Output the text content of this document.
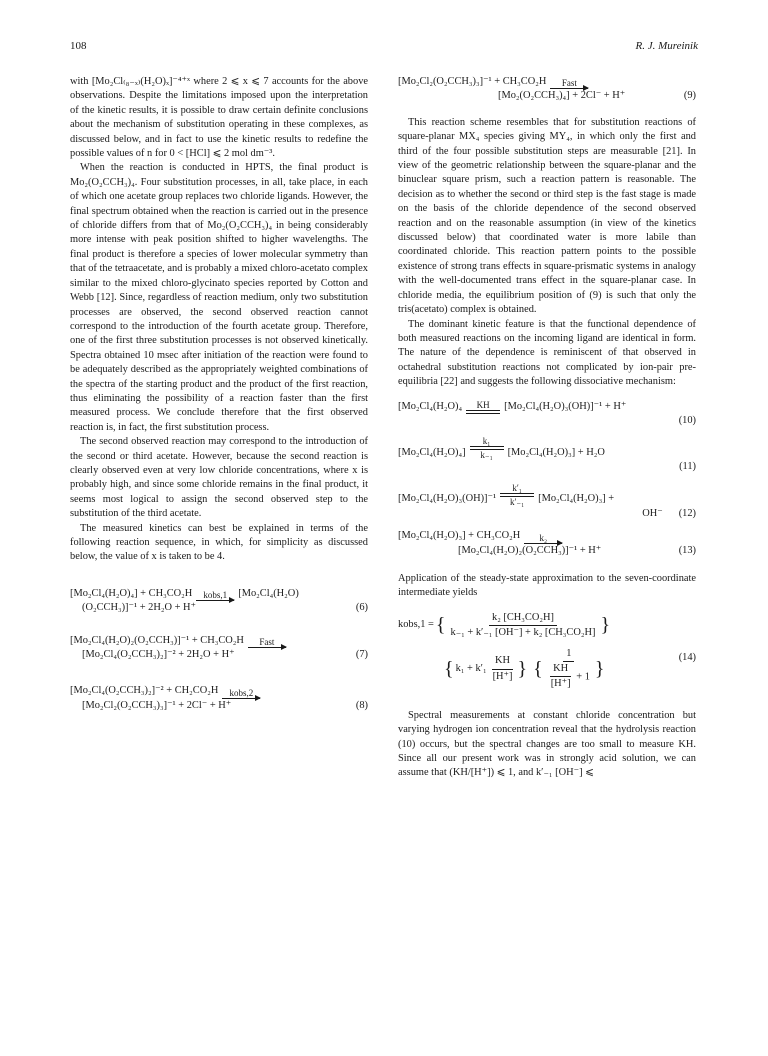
108	R. J. Mureinik

with [Mo₂Cl₍₈₋ₓ₎(H₂O)ₓ]⁻⁴⁺ˣ where 2 ⩽ x ⩽ 7 accounts for the above observations. Despite the limitations imposed upon the interpretation of the kinetic results, it is possible to draw certain definite conclusions about the mechanism of substitution operating in these complexes, as discussed below, and in fact to use the kinetic results to redefine the possible values of n for 0 < [HCl] ⩽ 2 mol dm⁻³.

When the reaction is conducted in HPTS, the final product is Mo₂(O₂CCH₃)₄. Four substitution processes, in all, take place, in each of which one acetate group replaces two chloride ligands. However, the final spectrum obtained when the reaction is carried out in the presence of chloride differs from that of Mo₂(O₂CCH₃)₄ in being considerably more intense with peak position shifted to higher wavelengths. The final product is therefore a species of lower molecular symmetry than that of the tetraacetate, and is probably a mixed chloro-acetato complex similar to the mixed chloro-glycinato species reported by Cotton and Webb [12]. Since, regardless of reaction medium, only two substitution processes are observed, the second observed reaction cannot correspond to the introduction of the fourth acetate group. Therefore, one of the first three substitution processes is not observed kinetically. Spectra obtained 10 msec after initiation of the reaction were found to be adequately described as the appropriately weighted combinations of the spectra of the starting product and the product of the first reaction, thus eliminating the possibility of a reaction faster than the first measured process. We conclude therefore that the first observed reaction is, in fact, the first substitution process.

The second observed reaction may correspond to the introduction of the second or third acetate. However, because the second reaction is clearly observed even at very low chloride concentrations, where x is probably high, and since some chloride remains in the final product, it seems most logical to assign the second observed step to the substitution of the third acetate.

The measured kinetics can best be explained in terms of the following reaction sequence, in which, for simplicity as discussed below, the value of x is taken to be 4.

[Mo₂Cl₄(H₂O)₄] + CH₃CO₂H kobs,1 [Mo₂Cl₄(H₂O)
(O₂CCH₃)]⁻¹ + 2H₂O + H⁺	(6)
[Mo₂Cl₄(H₂O)₂(O₂CCH₃)]⁻¹ + CH₃CO₂H Fast
[Mo₂Cl₄(O₂CCH₃)₂]⁻² + 2H₂O + H⁺	(7)
[Mo₂Cl₄(O₂CCH₃)₂]⁻² + CH₂CO₂H kobs,2
[Mo₂Cl₂(O₂CCH₃)₃]⁻¹ + 2Cl⁻ + H⁺	(8)
[Mo₂Cl₂(O₂CCH₃)₃]⁻¹ + CH₃CO₂H Fast
[Mo₂(O₂CCH₃)₄] + 2Cl⁻ + H⁺	(9)

This reaction scheme resembles that for substitution reactions of square-planar MX₄ species giving MY₄, in which only the first and third of the four possible substitution steps are measurable [21]. In view of the geometric relationship between the square-planar and the binuclear square prism, such a reaction pattern is reasonable. The decision as to whether the second or third step is the fast stage is made on the basis of the chloride dependence of the second observed reaction and on the reasonable assumption (in view of the kinetics discussed below) that coordinated water is more labile than coordinated chloride. This reaction pattern points to the possible existence of strong trans effects in square-prismatic systems in analogy with the well-documented trans effect in the square-planar case. In chloride media, the equilibrium position of (9) is such that only the tris(acetato) complex is obtained.

The dominant kinetic feature is that the functional dependence of both measured reactions on the incoming ligand are identical in form. The nature of the dependence is reminiscent of that observed in octahedral substitution reactions not complicated by ion-pair pre-equilibria [22] and suggests the following dissociative mechanism:

[Mo₂Cl₄(H₂O)₄ KH [Mo₂Cl₄(H₂O)₃(OH)]⁻¹ + H⁺
(10)
[Mo₂Cl₄(H₂O)₄]
k₁
k₋₁ [Mo₂Cl₄(H₂O)₃] + H₂O
(11)
[Mo₂Cl₄(H₂O)₃(OH)]⁻¹
k′₁
k′₋₁ [Mo₂Cl₄(H₂O)₃] +
OH⁻ (12)
[Mo₂Cl₄(H₂O)₃] + CH₃CO₂H k₂
[Mo₂Cl₄(H₂O)₂(O₂CCH₃)]⁻¹ + H⁺	(13)

Application of the steady-state approximation to the seven-coordinate intermediate yields

kobs,1 = { $\frac{\text{k₂ [CH₃CO₂H]}}{\text{k₋₁ + k′₋₁ [OH⁻] + k₂ [CH₃CO₂H]}}$ }
{ $k_1 + k'_1 \frac{KH}{[H^+]}$ } { $\frac{1}{\frac{KH}{[H^+]} + 1}$ }
(14)

Spectral measurements at constant chloride concentration but varying hydrogen ion concentration reveal that the hydrolysis reaction (10) occurs, but the spectral changes are too small to measure KH. Since all our present work was in strongly acid solution, we can assume that (KH/[H⁺]) ⩽ 1, and k′₋₁ [OH⁻] ⩽
